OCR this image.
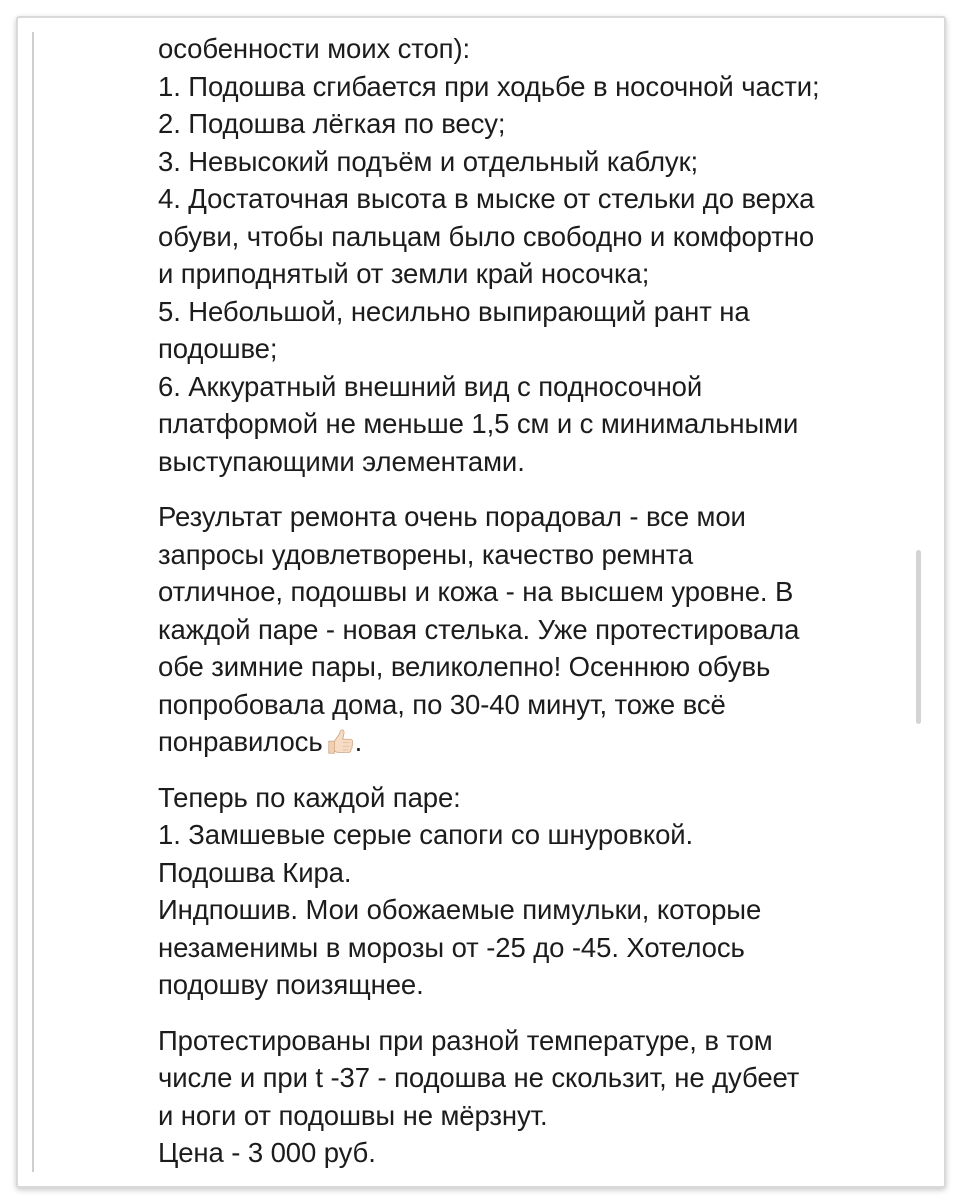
особенности моих стоп):
1. Подошва сгибается при ходьбе в носочной части;
2. Подошва лёгкая по весу;
3. Невысокий подъём и отдельный каблук;
4. Достаточная высота в мыске от стельки до верха
обуви, чтобы пальцам было свободно и комфортно
и приподнятый от земли край носочка;
5. Небольшой, несильно выпирающий рант на
подошве;
6. Аккуратный внешний вид с подносочной
платформой не меньше 1,5 см и с минимальными
выступающими элементами.
Результат ремонта очень порадовал - все мои
запросы удовлетворены, качество ремнта
отличное, подошвы и кожа - на высшем уровне. В
каждой паре - новая стелька. Уже протестировала
обе зимние пары, великолепно! Осеннюю обувь
попробовала дома, по 30-40 минут, тоже всё
понравилось .
Теперь по каждой паре:
1. Замшевые серые сапоги со шнуровкой.
Подошва Кира.
Индпошив. Мои обожаемые пимульки, которые
незаменимы в морозы от -25 до -45. Хотелось
подошву поизящнее.
Протестированы при разной температуре, в том
числе и при t -37 - подошва не скользит, не дубеет
и ноги от подошвы не мёрзнут.
Цена - 3 000 руб.
